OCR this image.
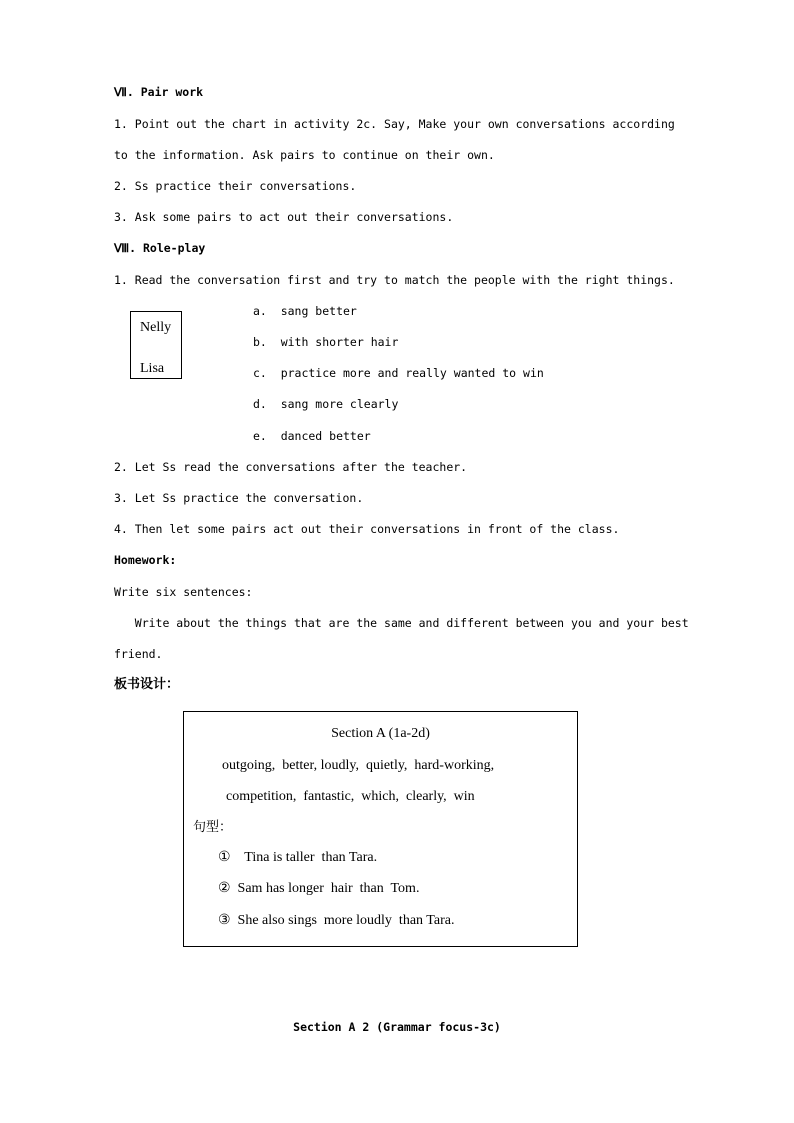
Ⅶ. Pair work
1. Point out the chart in activity 2c. Say, Make your own conversations according
to the information. Ask pairs to continue on their own.
2. Ss practice their conversations.
3. Ask some pairs to act out their conversations.
Ⅷ. Role-play
1. Read the conversation first and try to match the people with the right things.
Nelly
Lisa
a.  sang better
b.  with shorter hair
c.  practice more and really wanted to win
d.  sang more clearly
e.  danced better
2. Let Ss read the conversations after the teacher.
3. Let Ss practice the conversation.
4. Then let some pairs act out their conversations in front of the class.
Homework:
Write six sentences:
Write about the things that are the same and different between you and your best
friend.
板书设计：
Section A (1a-2d)
outgoing,  better, loudly,  quietly,  hard-working,
competition,  fantastic,  which,  clearly,  win
句型：
①    Tina is taller  than Tara.
②  Sam has longer  hair  than  Tom.
③  She also sings  more loudly  than Tara.
Section A 2 (Grammar focus-3c)
